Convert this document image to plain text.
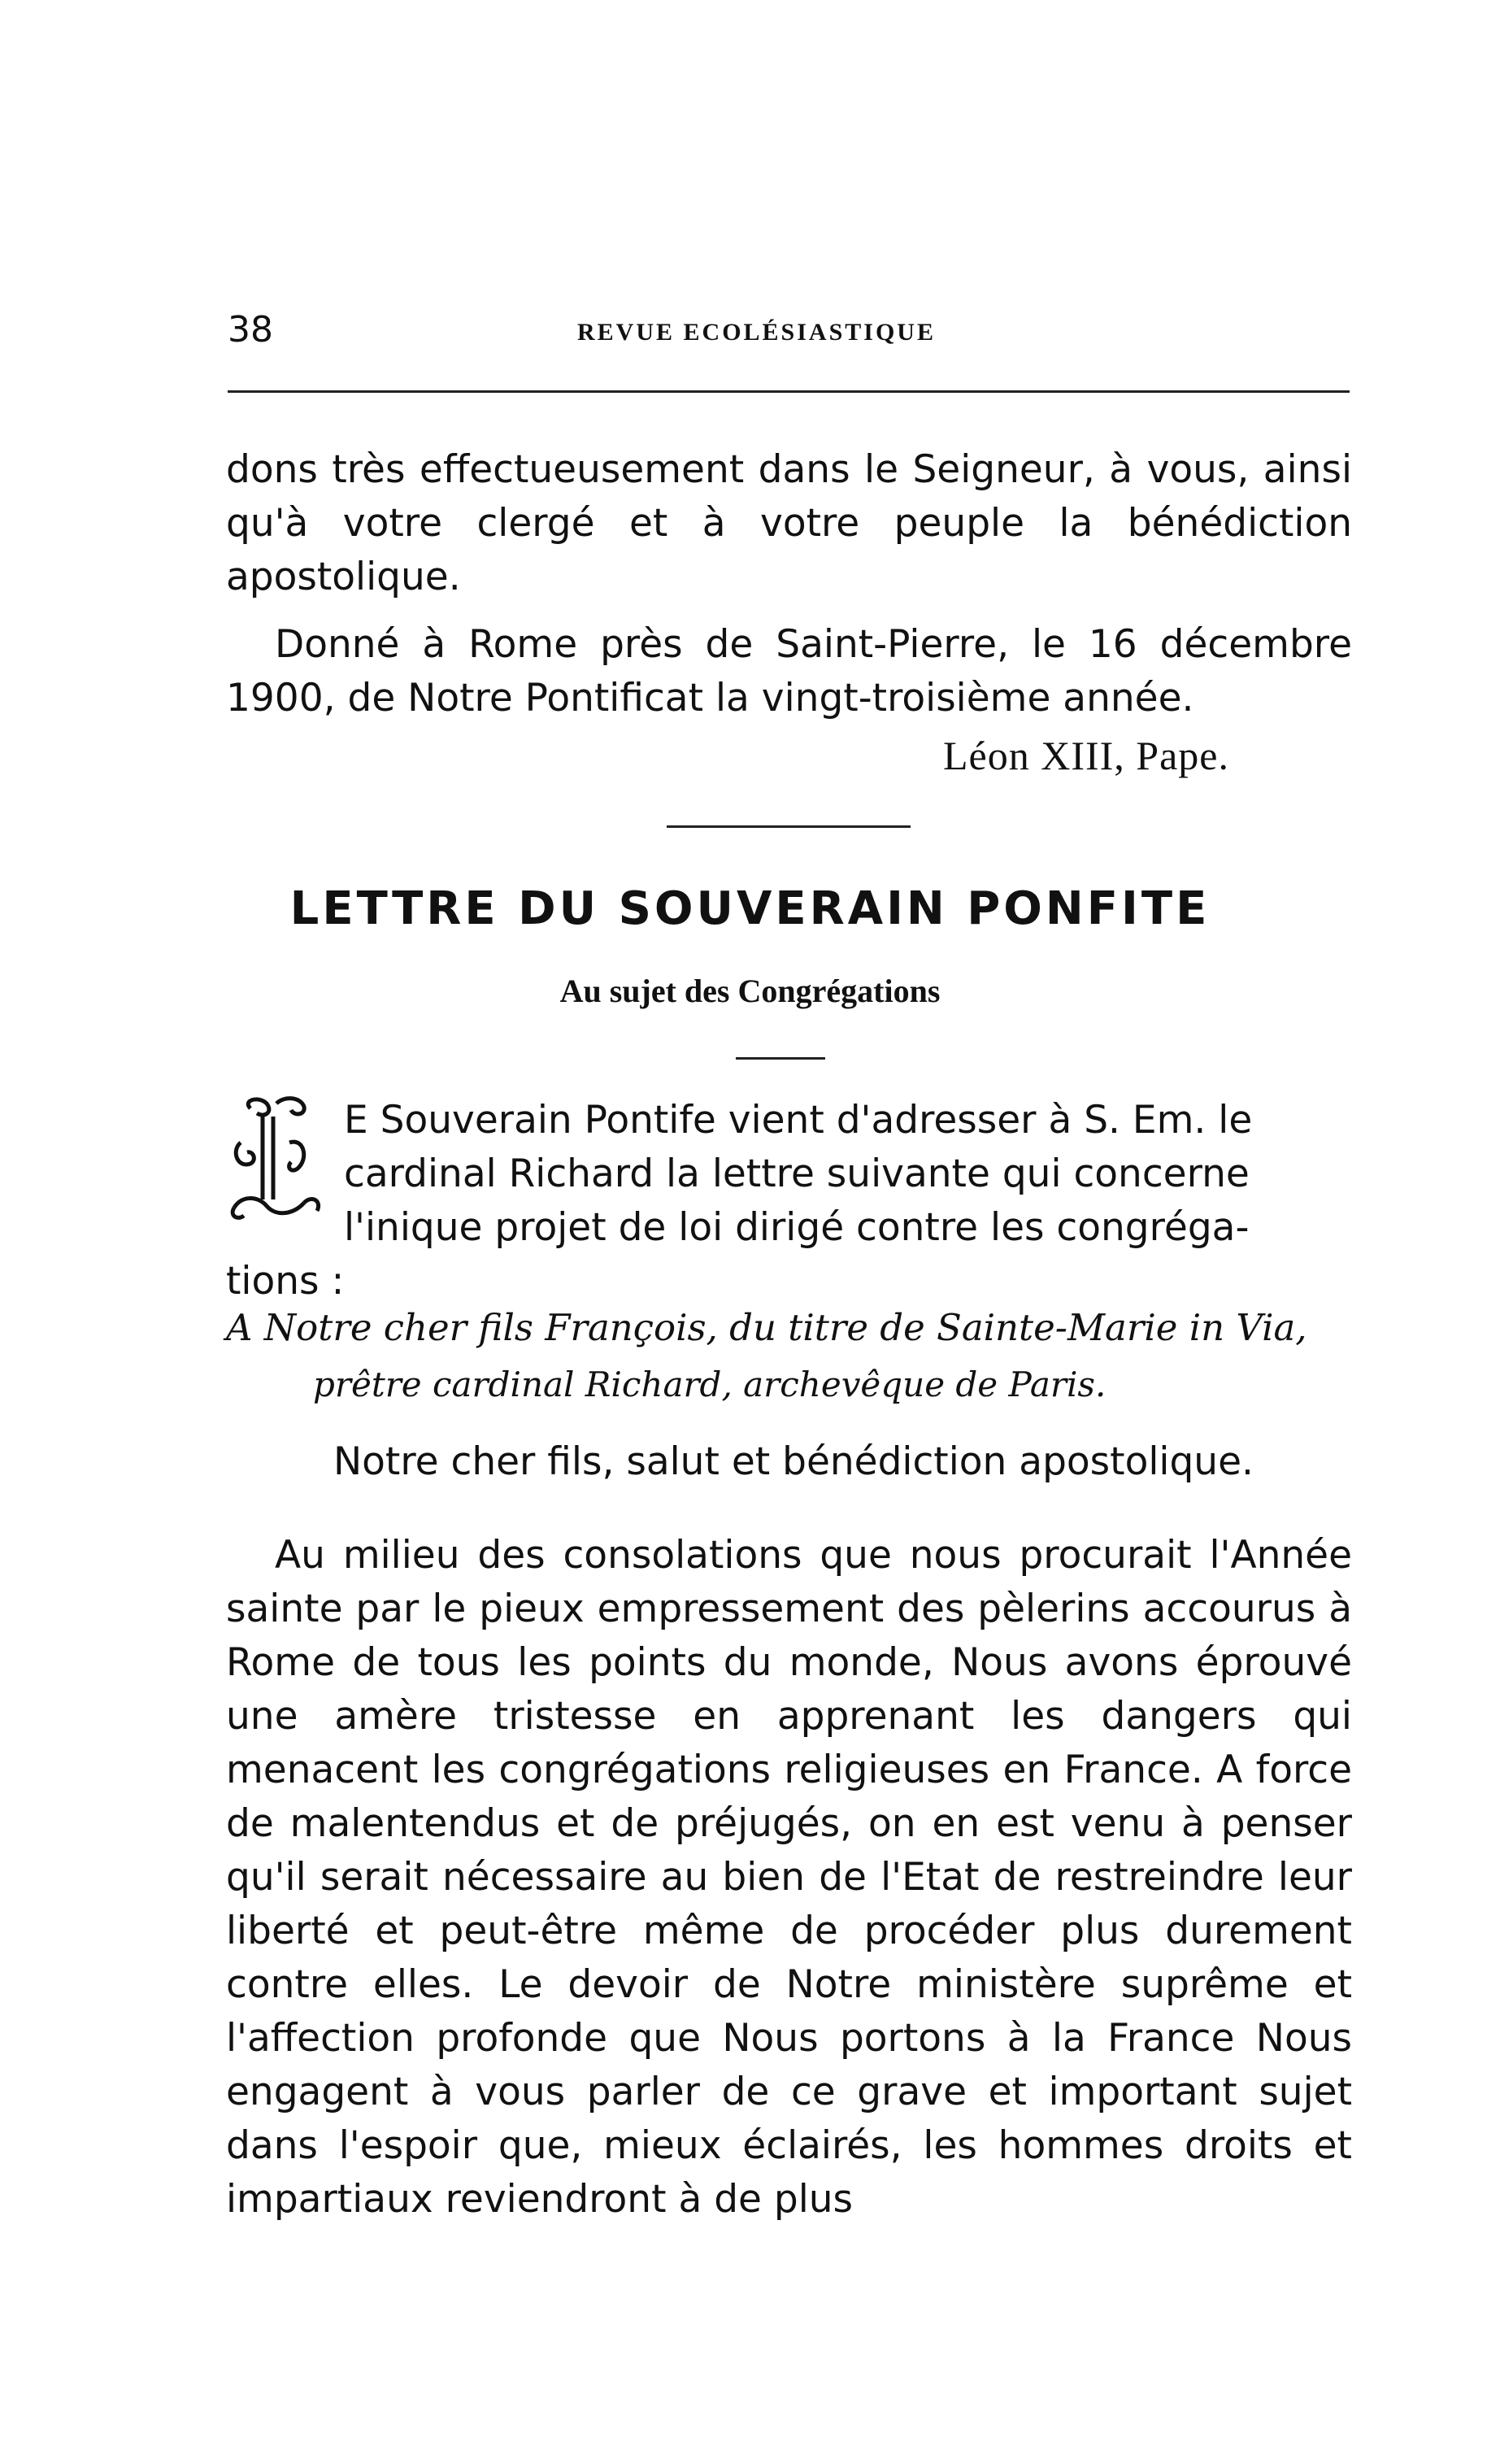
38	REVUE ECOLÉSIASTIQUE

dons très effectueusement dans le Seigneur, à vous, ainsi qu'à votre clergé et à votre peuple la bénédiction apostolique.

Donné à Rome près de Saint-Pierre, le 16 décembre 1900, de Notre Pontificat la vingt-troisième année.

Léon XIII, Pape.
LETTRE DU SOUVERAIN PONFITE
Au sujet des Congrégations
L
E Souverain Pontife vient d'adresser à S. Em. le
cardinal Richard la lettre suivante qui concerne
l'inique projet de loi dirigé contre les congréga-
tions :
A Notre cher fils François, du titre de Sainte-Marie in Via,
prêtre cardinal Richard, archevêque de Paris.
Notre cher fils, salut et bénédiction apostolique.

Au milieu des consolations que nous procurait l'Année sainte par le pieux empressement des pèlerins accourus à Rome de tous les points du monde, Nous avons éprouvé une amère tristesse en apprenant les dangers qui menacent les congrégations religieuses en France. A force de malentendus et de préjugés, on en est venu à penser qu'il serait nécessaire au bien de l'Etat de restreindre leur liberté et peut-être même de procéder plus durement contre elles. Le devoir de Notre ministère suprême et l'affection profonde que Nous portons à la France Nous engagent à vous parler de ce grave et important sujet dans l'espoir que, mieux éclairés, les hommes droits et impartiaux reviendront à de plus
